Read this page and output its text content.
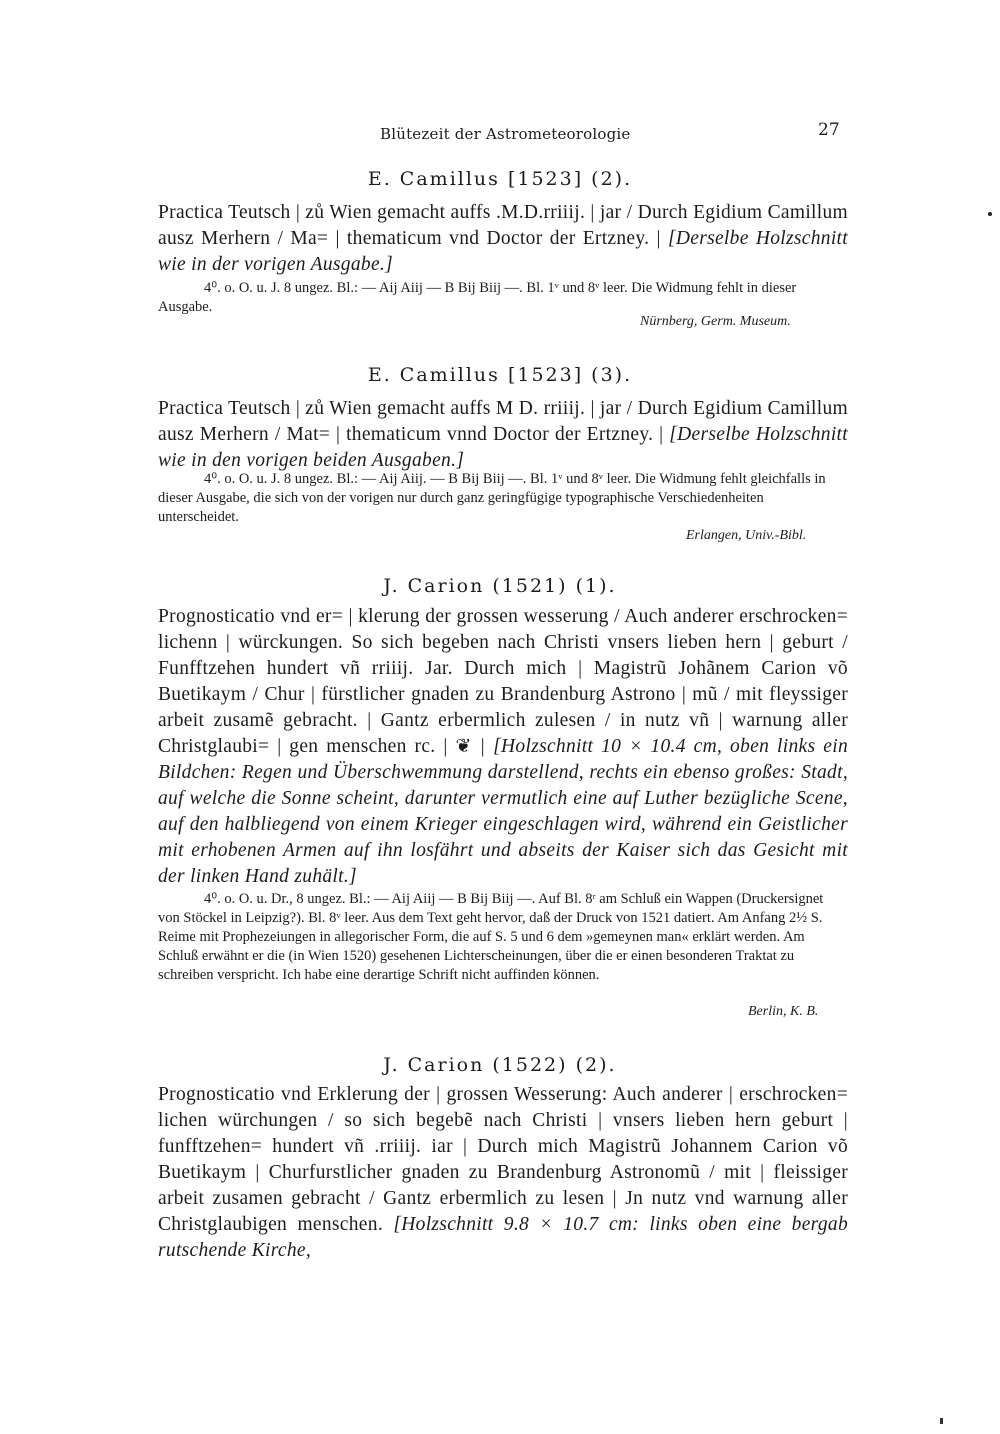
Blütezeit der Astrometeorologie	27
E. Camillus [1523] (2).
Practica Teutsch | zů Wien gemacht auffs .M.D.rriiij. | jar / Durch Egidium Camillum ausz Merhern / Ma= | thematicum vnd Doctor der Ertzney. | [Derselbe Holzschnitt wie in der vorigen Ausgabe.]
4⁰. o. O. u. J. 8 ungez. Bl.: — Aij Aiij — B Bij Biij —. Bl. 1ᵛ und 8ᵛ leer. Die Widmung fehlt in dieser Ausgabe.
Nürnberg, Germ. Museum.
E. Camillus [1523] (3).
Practica Teutsch | zů Wien gemacht auffs M D. rriiij. | jar / Durch Egidium Camillum ausz Merhern / Mat= | thematicum vnnd Doctor der Ertzney. | [Derselbe Holzschnitt wie in den vorigen beiden Ausgaben.]
4⁰. o. O. u. J. 8 ungez. Bl.: — Aij Aiij. — B Bij Biij —. Bl. 1ᵛ und 8ᵛ leer. Die Widmung fehlt gleichfalls in dieser Ausgabe, die sich von der vorigen nur durch ganz geringfügige typographische Verschiedenheiten unterscheidet.
Erlangen, Univ.-Bibl.
J. Carion (1521) (1).
Prognosticatio vnd er= | klerung der grossen wesserung / Auch anderer erschrocken= lichenn | würckungen. So sich begeben nach Christi vnsers lieben hern | geburt / Funfftzehen hundert vñ rriiij. Jar. Durch mich | Magistrũ Johãnem Carion võ Buetikaym / Chur | fürstlicher gnaden zu Brandenburg Astrono | mũ / mit fleyssiger arbeit zusamẽ gebracht. | Gantz erbermlich zulesen / in nutz vñ | warnung aller Christglaubi= | gen menschen rc. | ❦ | [Holzschnitt 10 × 10.4 cm, oben links ein Bildchen: Regen und Überschwemmung darstellend, rechts ein ebenso großes: Stadt, auf welche die Sonne scheint, darunter vermutlich eine auf Luther bezügliche Scene, auf den halbliegend von einem Krieger eingeschlagen wird, während ein Geistlicher mit erhobenen Armen auf ihn losfährt und abseits der Kaiser sich das Gesicht mit der linken Hand zuhält.]
4⁰. o. O. u. Dr., 8 ungez. Bl.: — Aij Aiij — B Bij Biij —. Auf Bl. 8ʳ am Schluß ein Wappen (Druckersignet von Stöckel in Leipzig?). Bl. 8ᵛ leer. Aus dem Text geht hervor, daß der Druck von 1521 datiert. Am Anfang 2½ S. Reime mit Prophezeiungen in allegorischer Form, die auf S. 5 und 6 dem »gemeynen man« erklärt werden. Am Schluß erwähnt er die (in Wien 1520) gesehenen Lichterscheinungen, über die er einen besonderen Traktat zu schreiben verspricht. Ich habe eine derartige Schrift nicht auffinden können.
Berlin, K. B.
J. Carion (1522) (2).
Prognosticatio vnd Erklerung der | grossen Wesserung: Auch anderer | erschrocken= lichen würchungen / so sich begebẽ nach Christi | vnsers lieben hern geburt | funfftzehen= hundert vñ .rriiij. iar | Durch mich Magistrũ Johannem Carion võ Buetikaym | Churfurstlicher gnaden zu Brandenburg Astronomũ / mit | fleissiger arbeit zusamen gebracht / Gantz erbermlich zu lesen | Jn nutz vnd warnung aller Christglaubigen menschen. [Holzschnitt 9.8 × 10.7 cm: links oben eine bergab rutschende Kirche,
